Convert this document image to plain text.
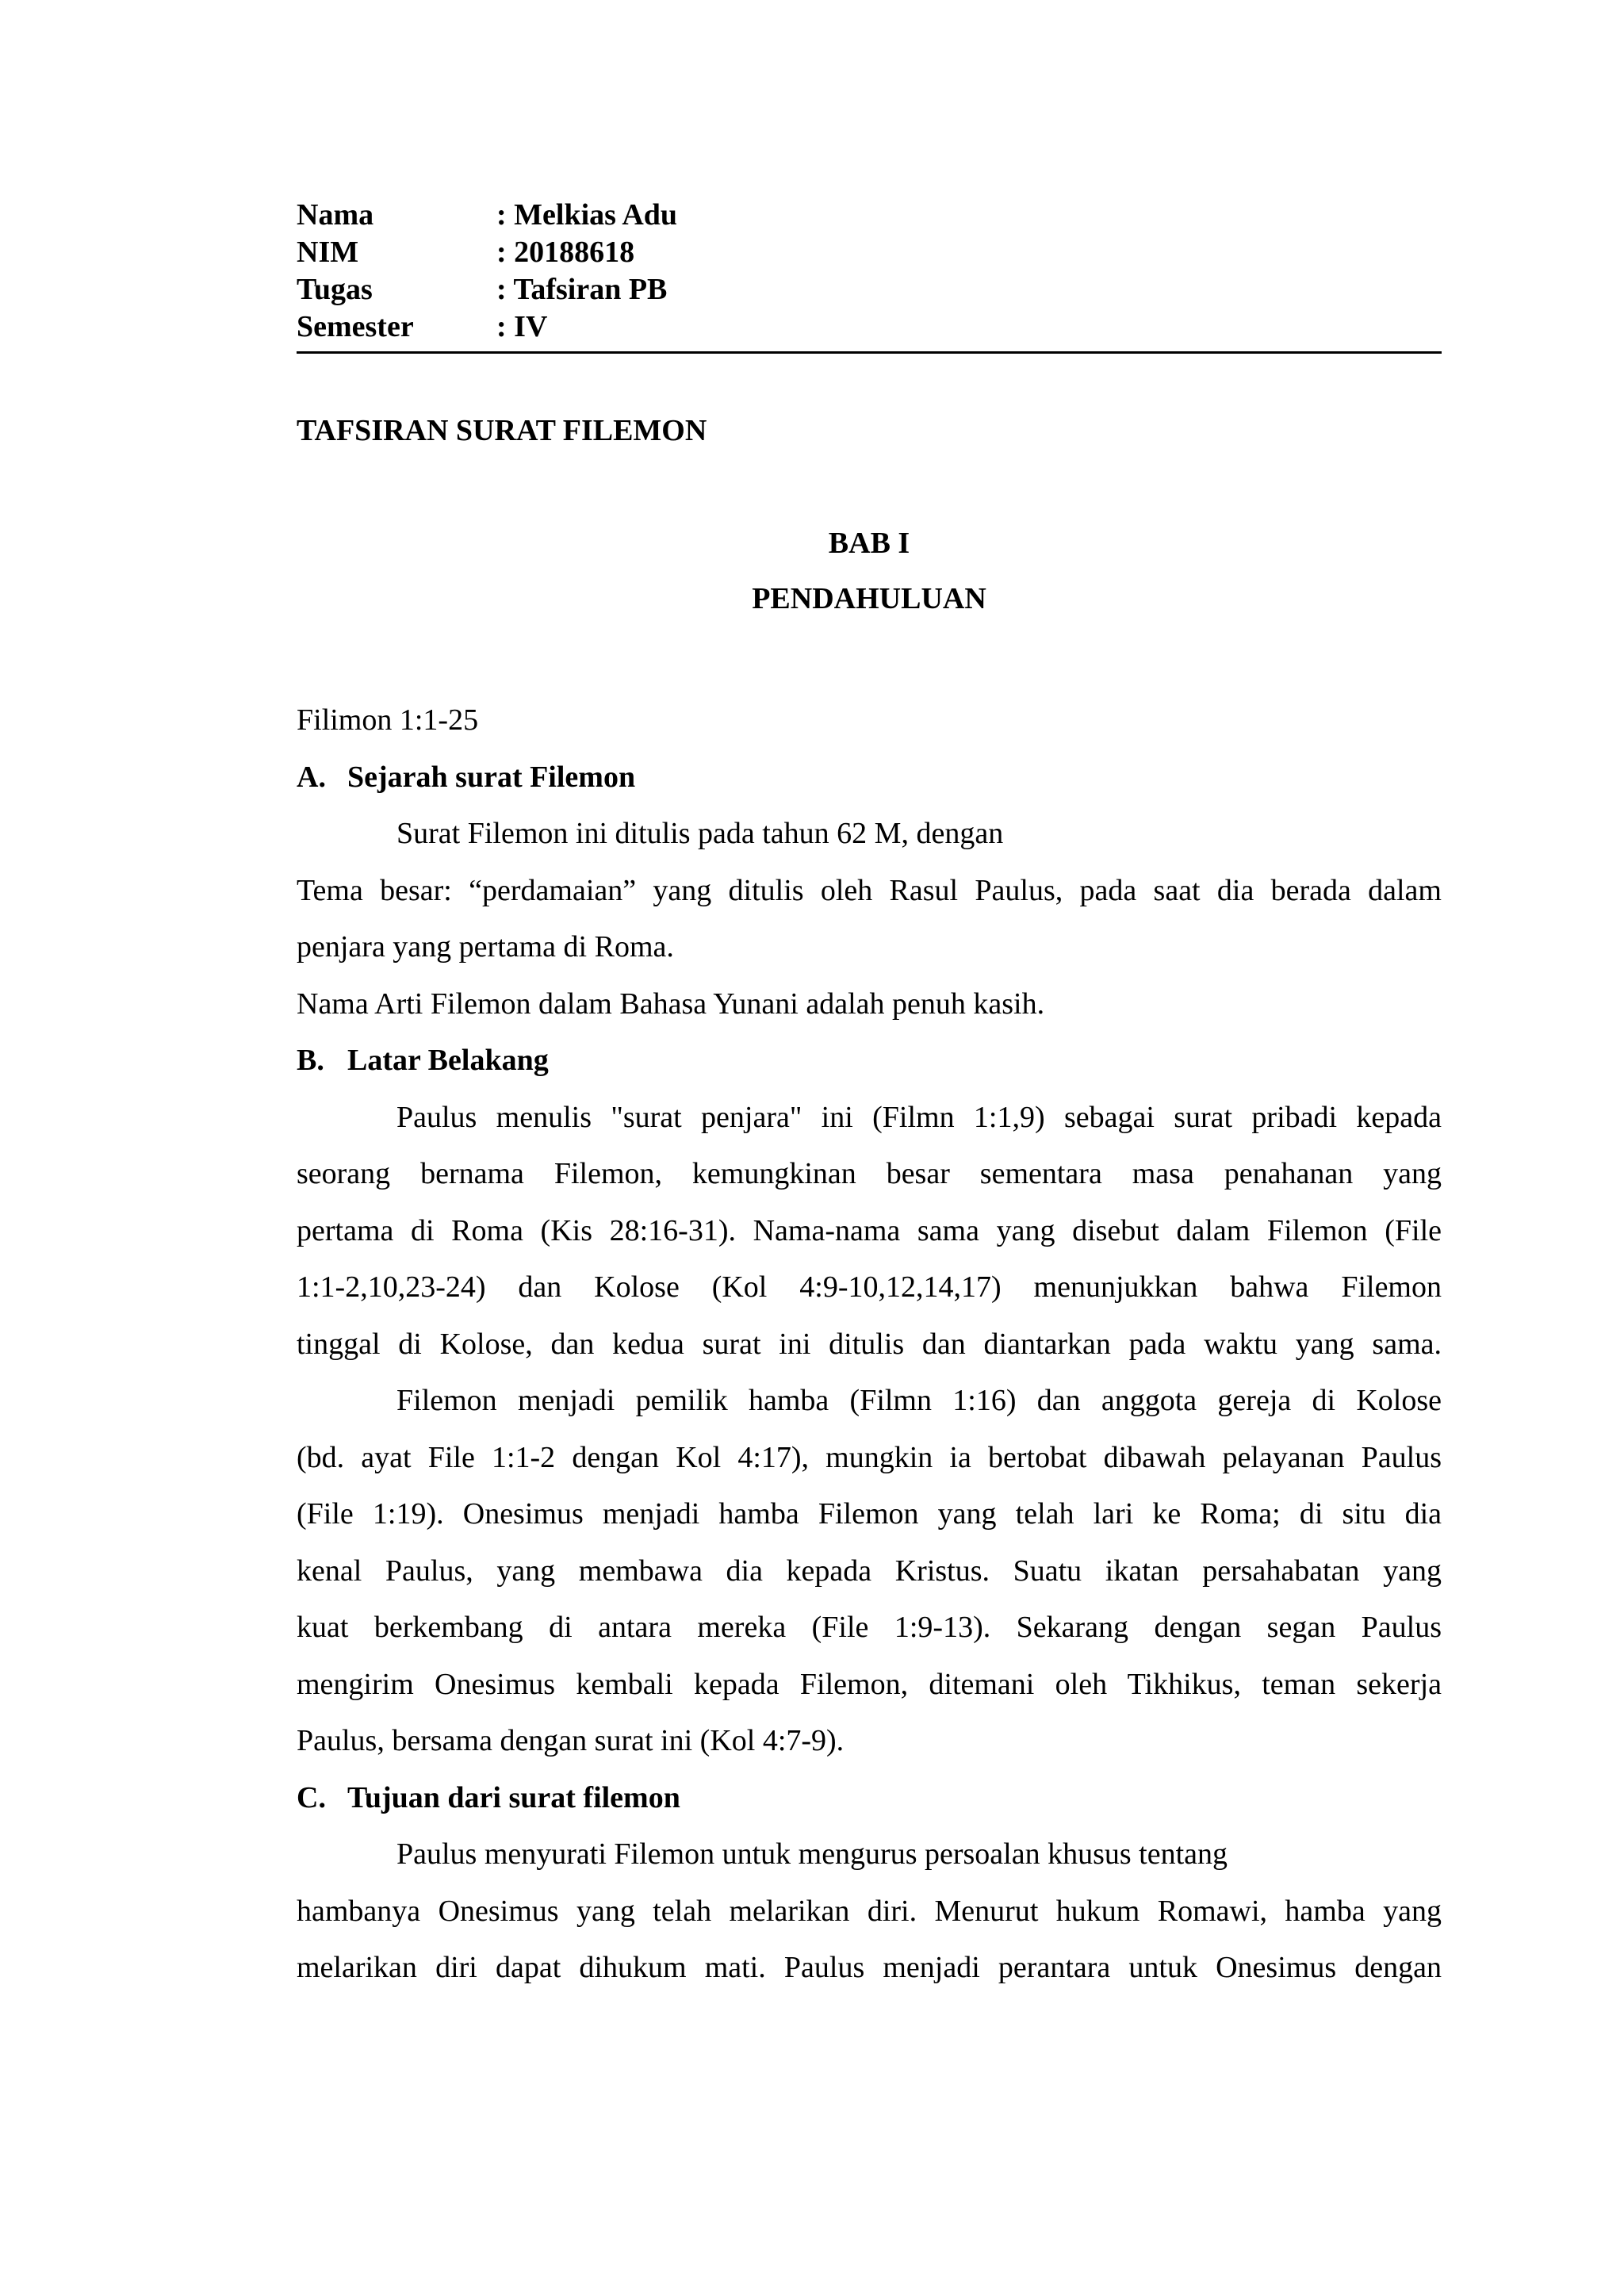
Nama	: Melkias Adu
NIM	: 20188618
Tugas	: Tafsiran PB
Semester	: IV
TAFSIRAN SURAT FILEMON
BAB I
PENDAHULUAN
Filimon 1:1-25
A. Sejarah surat Filemon
Surat Filemon ini ditulis pada tahun 62 M, dengan
Tema besar: “perdamaian” yang ditulis oleh Rasul Paulus, pada saat dia berada dalam
penjara yang pertama di Roma.
Nama Arti Filemon dalam Bahasa Yunani adalah penuh kasih.
B. Latar Belakang
Paulus menulis "surat penjara" ini (Filmn 1:1,9) sebagai surat pribadi kepada
seorang bernama Filemon, kemungkinan besar sementara masa penahanan yang
pertama di Roma (Kis 28:16-31). Nama-nama sama yang disebut dalam Filemon (File
1:1-2,10,23-24) dan Kolose (Kol 4:9-10,12,14,17) menunjukkan bahwa Filemon
tinggal di Kolose, dan kedua surat ini ditulis dan diantarkan pada waktu yang sama.
Filemon menjadi pemilik hamba (Filmn 1:16) dan anggota gereja di Kolose
(bd. ayat File 1:1-2 dengan Kol 4:17), mungkin ia bertobat dibawah pelayanan Paulus
(File 1:19). Onesimus menjadi hamba Filemon yang telah lari ke Roma; di situ dia
kenal Paulus, yang membawa dia kepada Kristus. Suatu ikatan persahabatan yang
kuat berkembang di antara mereka (File 1:9-13). Sekarang dengan segan Paulus
mengirim Onesimus kembali kepada Filemon, ditemani oleh Tikhikus, teman sekerja
Paulus, bersama dengan surat ini (Kol 4:7-9).
C. Tujuan dari surat filemon
Paulus menyurati Filemon untuk mengurus persoalan khusus tentang
hambanya Onesimus yang telah melarikan diri. Menurut hukum Romawi, hamba yang
melarikan diri dapat dihukum mati. Paulus menjadi perantara untuk Onesimus dengan
